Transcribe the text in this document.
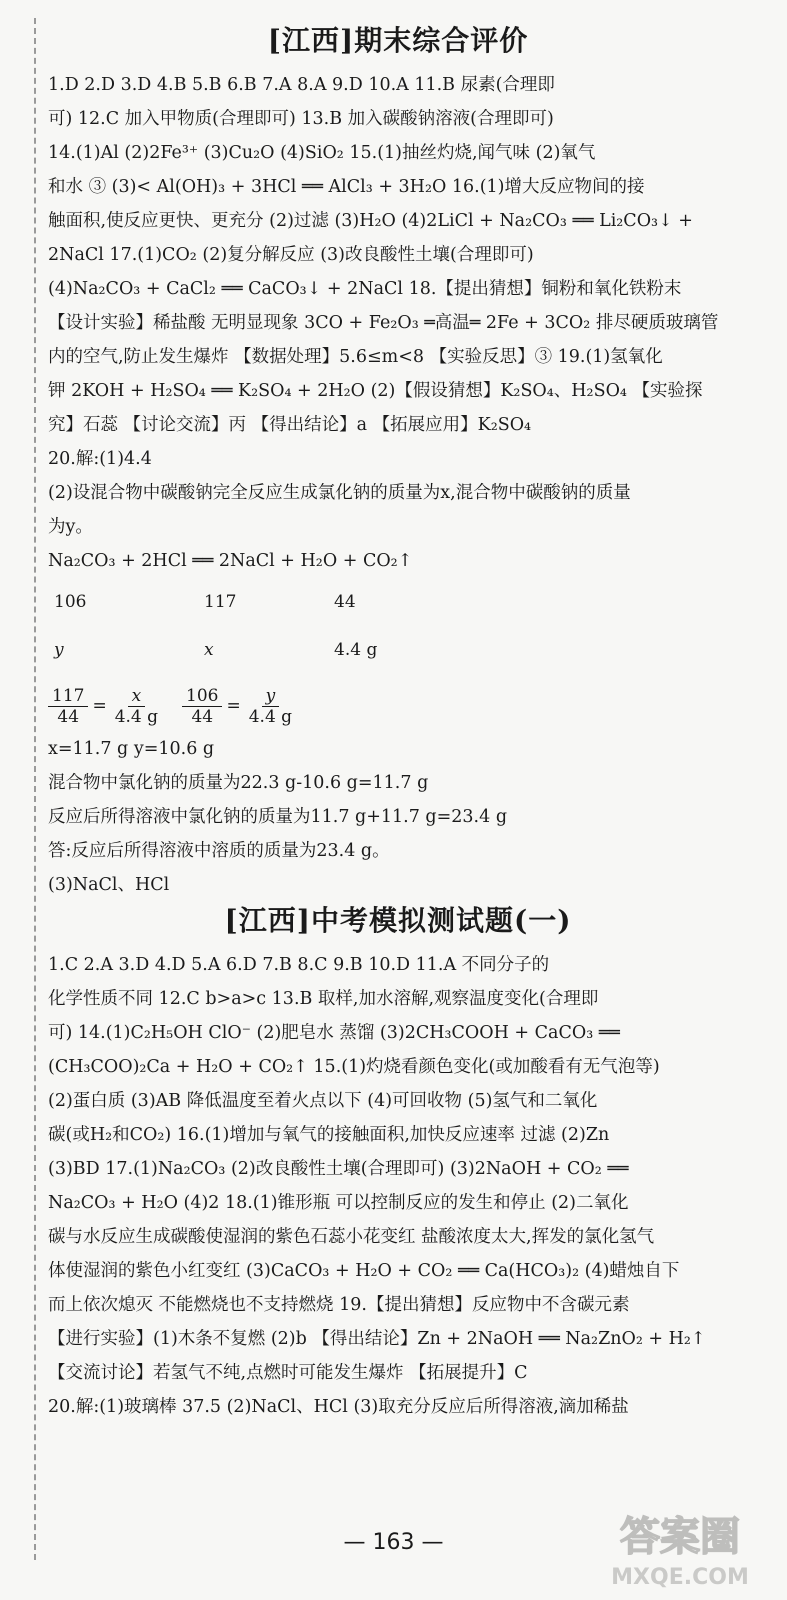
[江西]期末综合评价
1.D 2.D 3.D 4.B 5.B 6.B 7.A 8.A 9.D 10.A 11.B 尿素(合理即
可) 12.C 加入甲物质(合理即可) 13.B 加入碳酸钠溶液(合理即可)
14.(1)Al (2)2Fe³⁺ (3)Cu₂O (4)SiO₂ 15.(1)抽丝灼烧,闻气味 (2)氧气
和水 ③ (3)< Al(OH)₃ + 3HCl ══ AlCl₃ + 3H₂O 16.(1)增大反应物间的接
触面积,使反应更快、更充分 (2)过滤 (3)H₂O (4)2LiCl + Na₂CO₃ ══ Li₂CO₃↓ +
2NaCl 17.(1)CO₂ (2)复分解反应 (3)改良酸性土壤(合理即可)
(4)Na₂CO₃ + CaCl₂ ══ CaCO₃↓ + 2NaCl 18.【提出猜想】铜粉和氧化铁粉末
【设计实验】稀盐酸 无明显现象 3CO + Fe₂O₃ ═高温═ 2Fe + 3CO₂ 排尽硬质玻璃管
内的空气,防止发生爆炸 【数据处理】5.6≤m<8 【实验反思】③ 19.(1)氢氧化
钾 2KOH + H₂SO₄ ══ K₂SO₄ + 2H₂O (2)【假设猜想】K₂SO₄、H₂SO₄ 【实验探
究】石蕊 【讨论交流】丙 【得出结论】a 【拓展应用】K₂SO₄
20.解:(1)4.4
(2)设混合物中碳酸钠完全反应生成氯化钠的质量为x,混合物中碳酸钠的质量
为y。
Na₂CO₃ + 2HCl ══ 2NaCl + H₂O + CO₂↑
106	117	44
y	x	4.4 g
$\frac{117}{44} = \frac{x}{4.4 g} \frac{106}{44} = \frac{y}{4.4 g}$
x=11.7 g y=10.6 g
混合物中氯化钠的质量为22.3 g-10.6 g=11.7 g
反应后所得溶液中氯化钠的质量为11.7 g+11.7 g=23.4 g
答:反应后所得溶液中溶质的质量为23.4 g。
(3)NaCl、HCl
[江西]中考模拟测试题(一)
1.C 2.A 3.D 4.D 5.A 6.D 7.B 8.C 9.B 10.D 11.A 不同分子的
化学性质不同 12.C b>a>c 13.B 取样,加水溶解,观察温度变化(合理即
可) 14.(1)C₂H₅OH ClO⁻ (2)肥皂水 蒸馏 (3)2CH₃COOH + CaCO₃ ══
(CH₃COO)₂Ca + H₂O + CO₂↑ 15.(1)灼烧看颜色变化(或加酸看有无气泡等)
(2)蛋白质 (3)AB 降低温度至着火点以下 (4)可回收物 (5)氢气和二氧化
碳(或H₂和CO₂) 16.(1)增加与氧气的接触面积,加快反应速率 过滤 (2)Zn
(3)BD 17.(1)Na₂CO₃ (2)改良酸性土壤(合理即可) (3)2NaOH + CO₂ ══
Na₂CO₃ + H₂O (4)2 18.(1)锥形瓶 可以控制反应的发生和停止 (2)二氧化
碳与水反应生成碳酸使湿润的紫色石蕊小花变红 盐酸浓度太大,挥发的氯化氢气
体使湿润的紫色小红变红 (3)CaCO₃ + H₂O + CO₂ ══ Ca(HCO₃)₂ (4)蜡烛自下
而上依次熄灭 不能燃烧也不支持燃烧 19.【提出猜想】反应物中不含碳元素
【进行实验】(1)木条不复燃 (2)b 【得出结论】Zn + 2NaOH ══ Na₂ZnO₂ + H₂↑
【交流讨论】若氢气不纯,点燃时可能发生爆炸 【拓展提升】C
20.解:(1)玻璃棒 37.5 (2)NaCl、HCl (3)取充分反应后所得溶液,滴加稀盐
— 163 —	答案圈
MXQE.COM
